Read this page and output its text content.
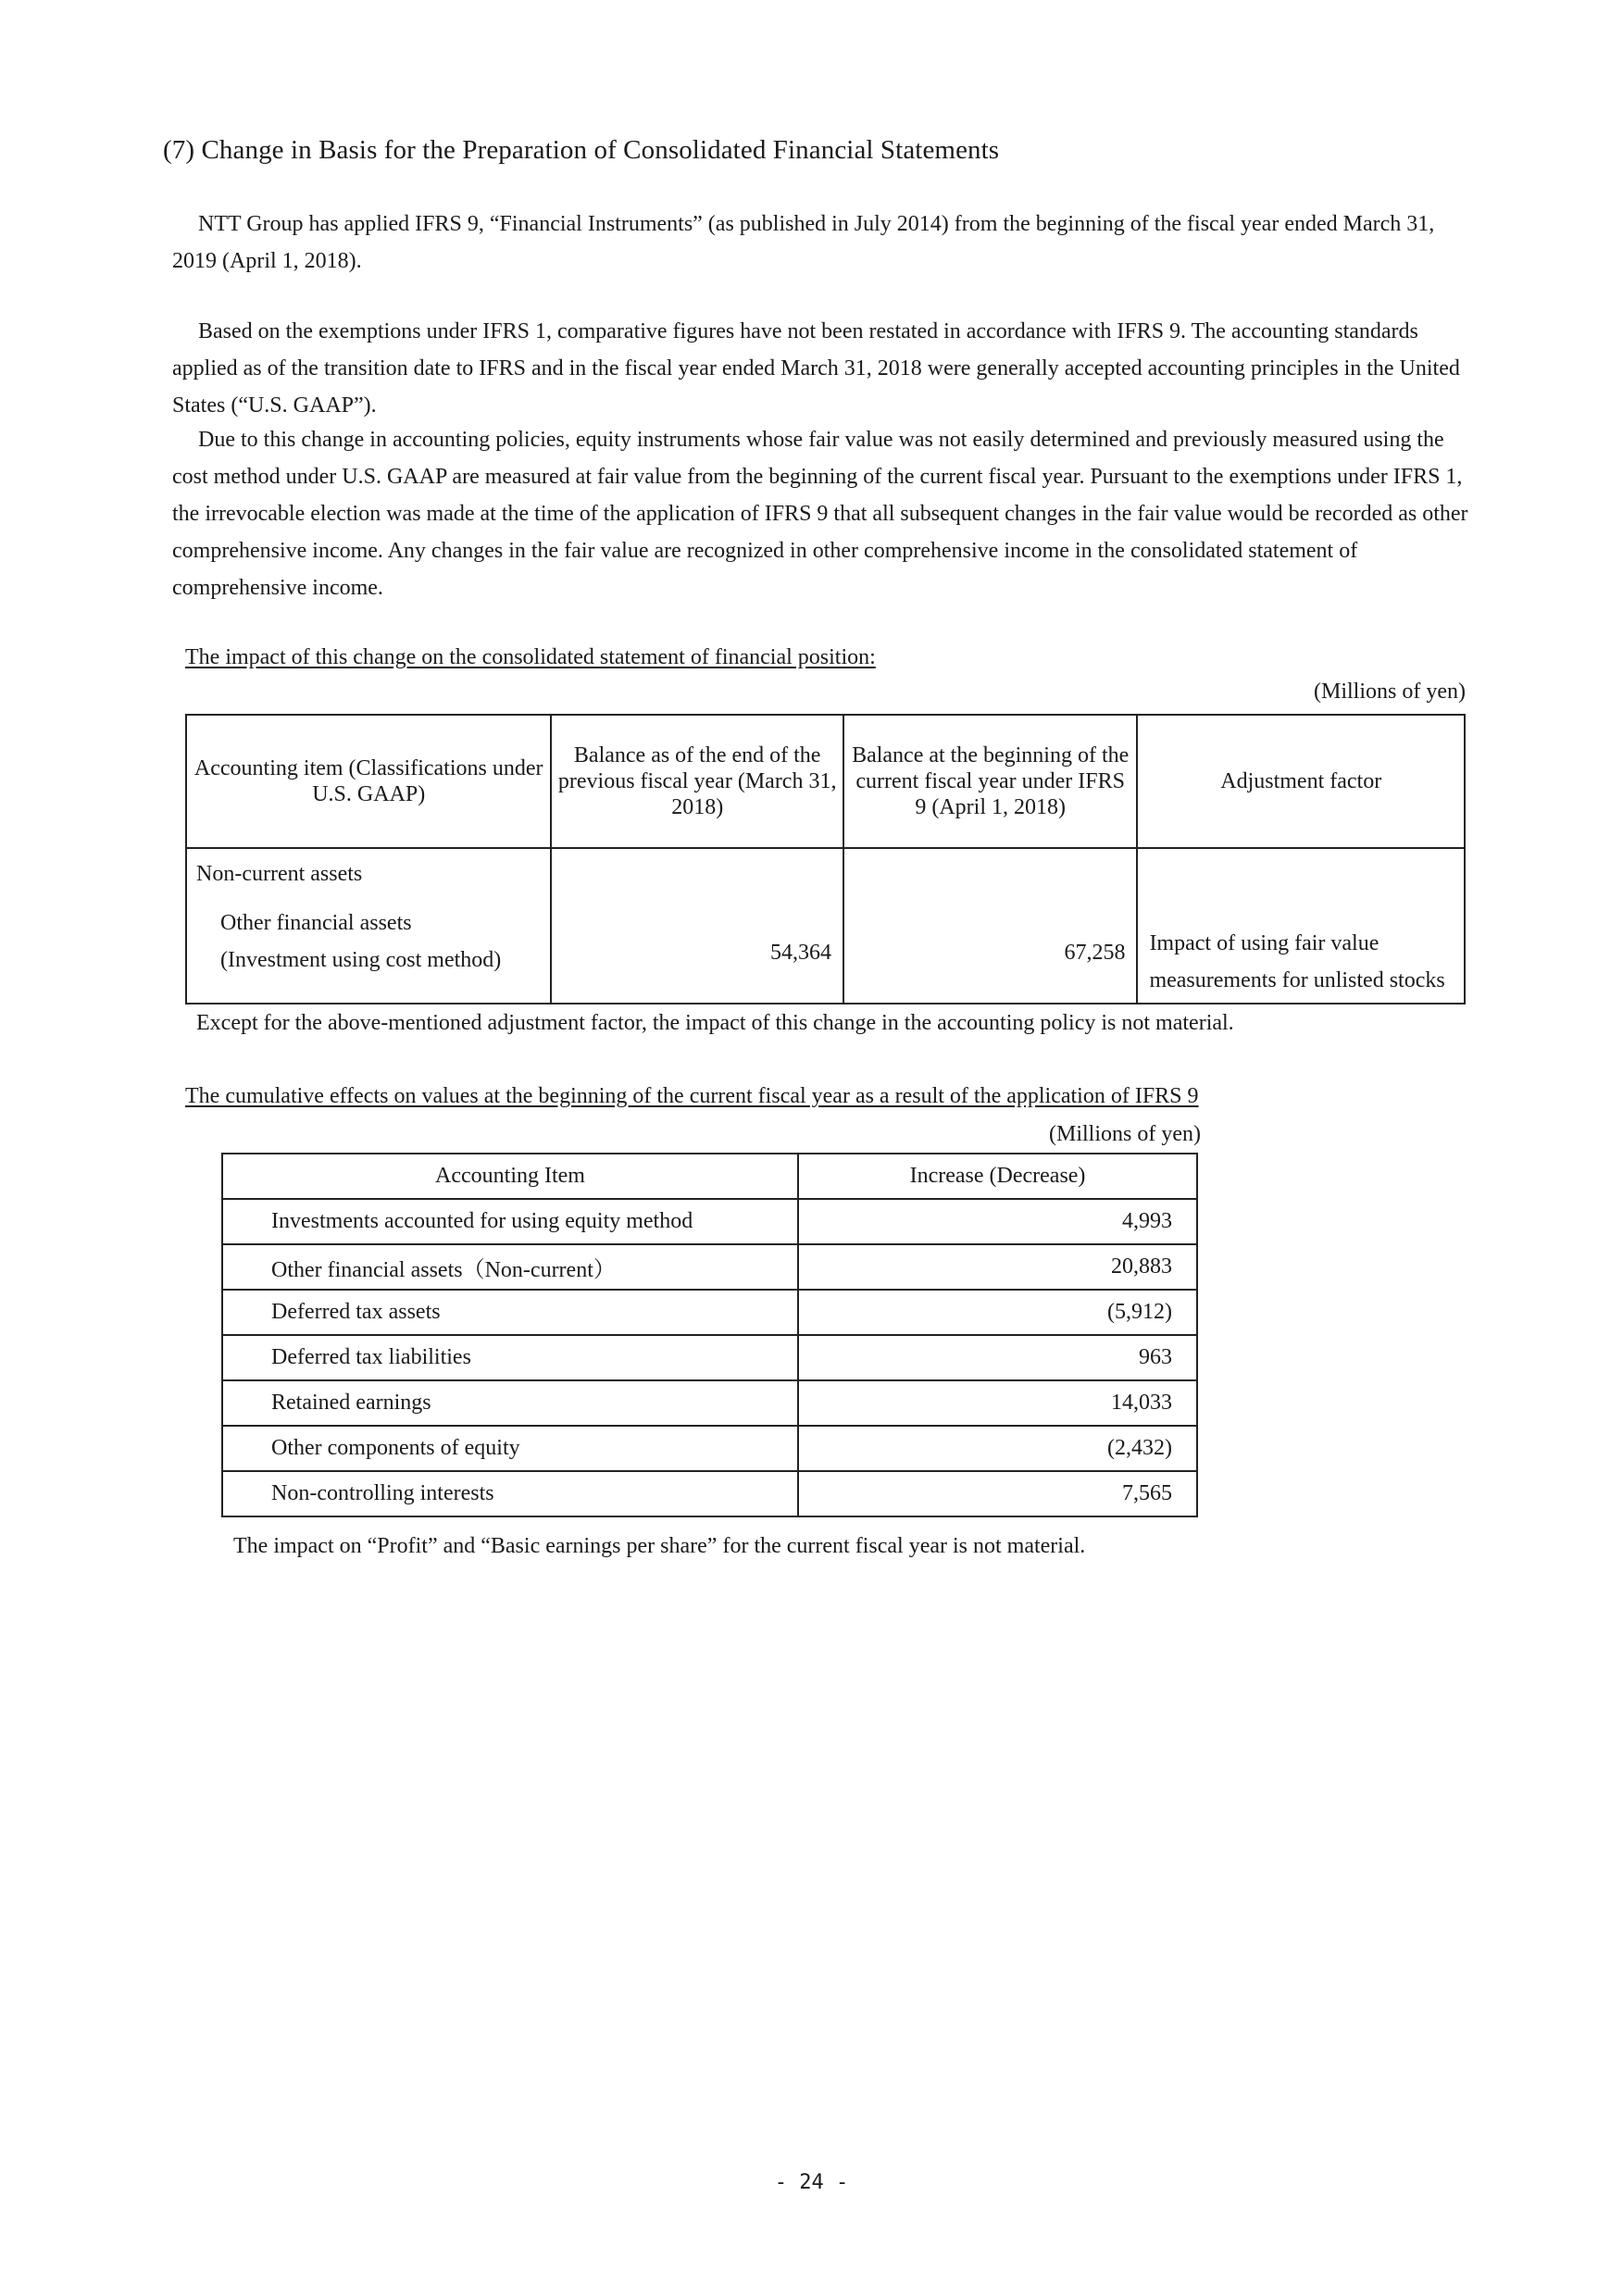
(7) Change in Basis for the Preparation of Consolidated Financial Statements

NTT Group has applied IFRS 9, “Financial Instruments” (as published in July 2014) from the beginning of the fiscal year ended March 31, 2019 (April 1, 2018).

Based on the exemptions under IFRS 1, comparative figures have not been restated in accordance with IFRS 9. The accounting standards applied as of the transition date to IFRS and in the fiscal year ended March 31, 2018 were generally accepted accounting principles in the United States (“U.S. GAAP”).

Due to this change in accounting policies, equity instruments whose fair value was not easily determined and previously measured using the cost method under U.S. GAAP are measured at fair value from the beginning of the current fiscal year. Pursuant to the exemptions under IFRS 1, the irrevocable election was made at the time of the application of IFRS 9 that all subsequent changes in the fair value would be recorded as other comprehensive income. Any changes in the fair value are recognized in other comprehensive income in the consolidated statement of comprehensive income.

The impact of this change on the consolidated statement of financial position:

(Millions of yen)

Accounting item (Classifications under U.S. GAAP)	Balance as of the end of the previous fiscal year (March 31, 2018)	Balance at the beginning of the current fiscal year under IFRS 9 (April 1, 2018)	Adjustment factor

Non-current assets
Other financial assets
(Investment using cost method)	54,364	67,258	Impact of using fair value measurements for unlisted stocks

Except for the above-mentioned adjustment factor, the impact of this change in the accounting policy is not material.

The cumulative effects on values at the beginning of the current fiscal year as a result of the application of IFRS 9

(Millions of yen)

Accounting Item	Increase (Decrease)
Investments accounted for using equity method	4,993
Other financial assets（Non-current）	20,883
Deferred tax assets	(5,912)
Deferred tax liabilities	963
Retained earnings	14,033
Other components of equity	(2,432)
Non-controlling interests	7,565

The impact on “Profit” and “Basic earnings per share” for the current fiscal year is not material.

- 24 -
